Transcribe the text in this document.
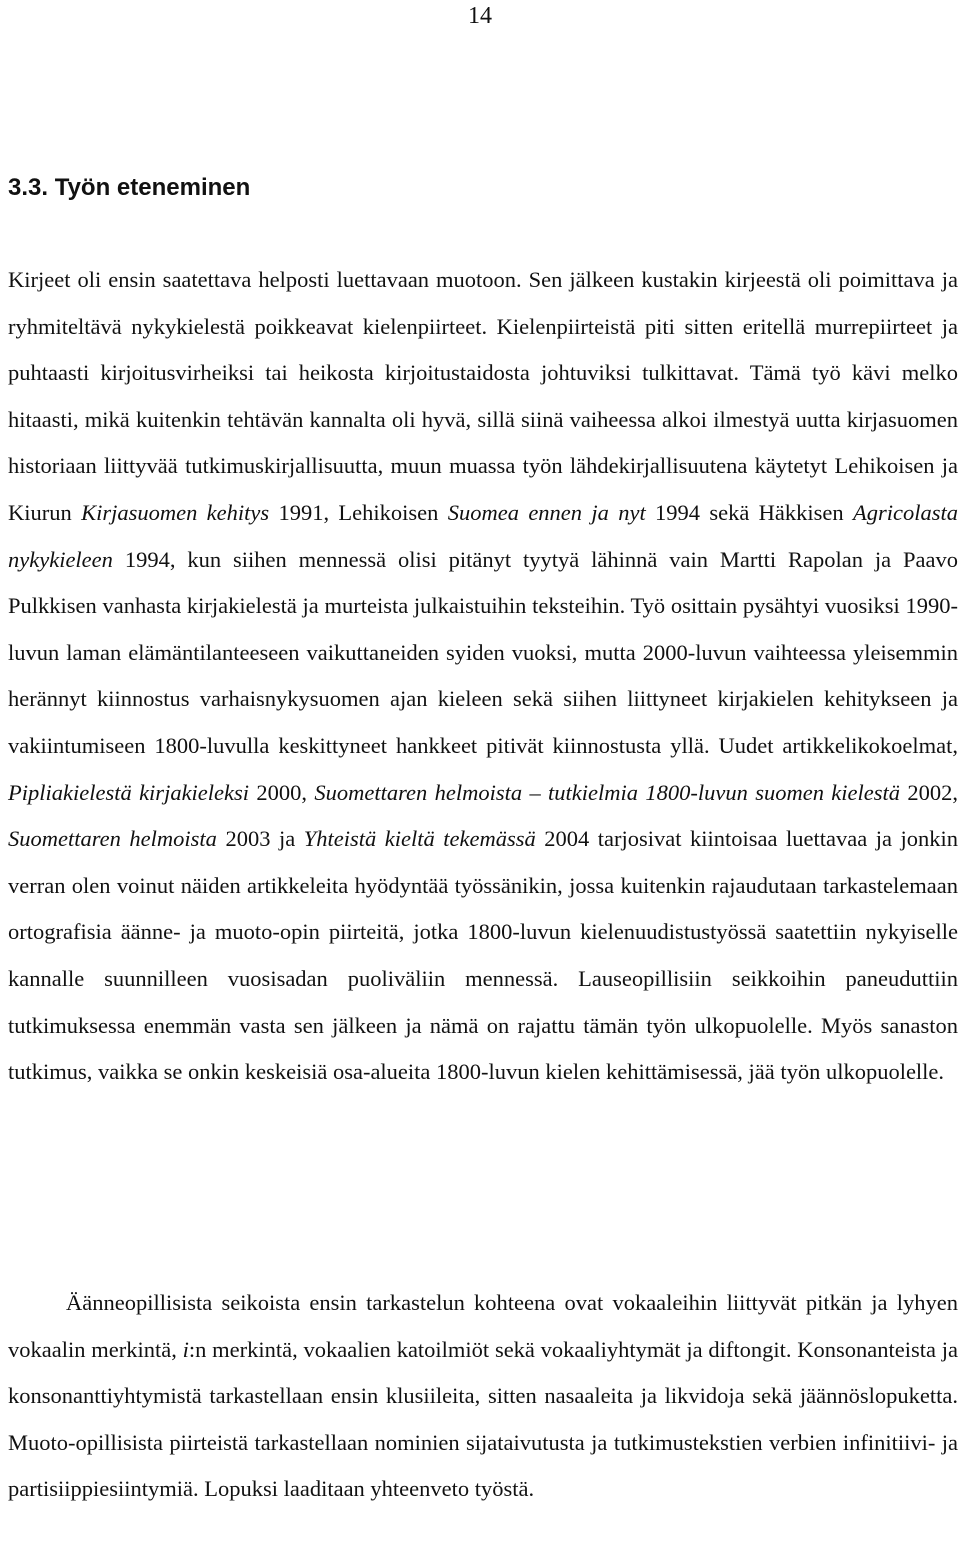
14
3.3. Työn eteneminen

Kirjeet oli ensin saatettava helposti luettavaan muotoon. Sen jälkeen kustakin kirjeestä oli poimittava ja ryhmiteltävä nykykielestä poikkeavat kielenpiirteet. Kielenpiirteistä piti sitten eritellä murrepiirteet ja puhtaasti kirjoitusvirheiksi tai heikosta kirjoitustaidosta johtuviksi tulkittavat. Tämä työ kävi melko hitaasti, mikä kuitenkin tehtävän kannalta oli hyvä, sillä siinä vaiheessa alkoi ilmestyä uutta kirjasuomen historiaan liittyvää tutkimuskirjallisuutta, muun muassa työn lähdekirjallisuutena käytetyt Lehikoisen ja Kiurun Kirjasuomen kehitys 1991, Lehikoisen Suomea ennen ja nyt 1994 sekä Häkkisen Agricolasta nykykieleen 1994, kun siihen mennessä olisi pitänyt tyytyä lähinnä vain Martti Rapolan ja Paavo Pulkkisen vanhasta kirjakielestä ja murteista julkaistuihin teksteihin. Työ osittain pysähtyi vuosiksi 1990-luvun laman elämäntilanteeseen vaikuttaneiden syiden vuoksi, mutta 2000-luvun vaihteessa yleisemmin herännyt kiinnostus varhaisnykysuomen ajan kieleen sekä siihen liittyneet kirjakielen kehitykseen ja vakiintumiseen 1800-luvulla keskittyneet hankkeet pitivät kiinnostusta yllä. Uudet artikkelikokoelmat, Pipliakielestä kirjakieleksi 2000, Suomettaren helmoista – tutkielmia 1800-luvun suomen kielestä 2002, Suomettaren helmoista 2003 ja Yhteistä kieltä tekemässä 2004 tarjosivat kiintoisaa luettavaa ja jonkin verran olen voinut näiden artikkeleita hyödyntää työssänikin, jossa kuitenkin rajaudutaan tarkastelemaan ortografisia äänne- ja muoto-opin piirteitä, jotka 1800-luvun kielenuudistustyössä saatettiin nykyiselle kannalle suunnilleen vuosisadan puoliväliin mennessä. Lauseopillisiin seikkoihin paneuduttiin tutkimuksessa enemmän vasta sen jälkeen ja nämä on rajattu tämän työn ulkopuolelle. Myös sanaston tutkimus, vaikka se onkin keskeisiä osa-alueita 1800-luvun kielen kehittämisessä, jää työn ulkopuolelle.

Äänneopillisista seikoista ensin tarkastelun kohteena ovat vokaaleihin liittyvät pitkän ja lyhyen vokaalin merkintä, i:n merkintä, vokaalien katoilmiöt sekä vokaaliyhtymät ja diftongit. Konsonanteista ja konsonanttiyhtymistä tarkastellaan ensin klusiileita, sitten nasaaleita ja likvidoja sekä jäännöslopuketta. Muoto-opillisista piirteistä tarkastellaan nominien sijataivutusta ja tutkimustekstien verbien infinitiivi- ja partisiippiesiintymiä. Lopuksi laaditaan yhteenveto työstä.
